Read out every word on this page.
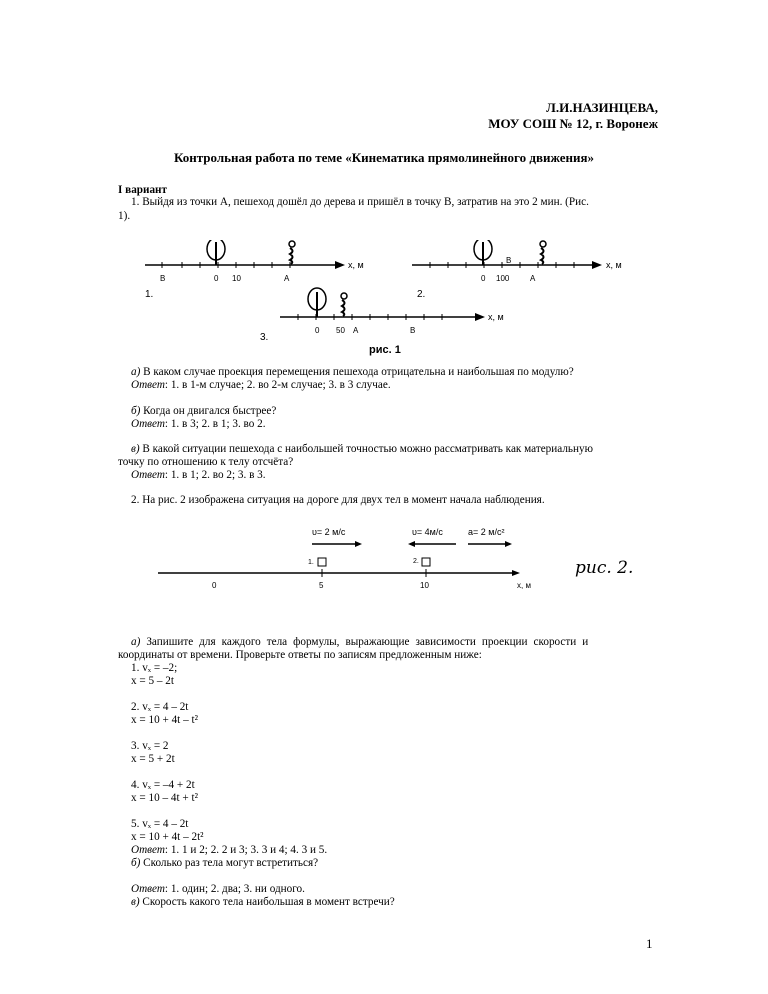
Л.И.НАЗИНЦЕВА,
МОУ СОШ № 12, г. Воронеж
Контрольная работа по теме «Кинематика прямолинейного движения»
I вариант
1. Выйдя из точки A, пешеход дошёл до дерева и пришёл в точку B, затратив на это 2 мин. (Рис.
1).
B	0 10	A
x, м
1.
0 100
B
A
x, м
2.
0 50 A	B
x, м
3.
рис. 1
а) В каком случае проекция перемещения пешехода отрицательна и наибольшая по модулю?
Ответ: 1. в 1-м случае; 2. во 2-м случае; 3. в 3 случае.
б) Когда он двигался быстрее?
Ответ: 1. в 3; 2. в 1; 3. во 2.
в) В какой ситуации пешехода с наибольшей точностью можно рассматривать как материальную
точку по отношению к телу отсчёта?
Ответ: 1. в 1; 2. во 2; 3. в 3.
2. На рис. 2 изображена ситуация на дороге для двух тел в момент начала наблюдения.
0	5	10	x, м
1.	2.
υ= 2 м/с	υ= 4м/с	a= 2 м/с²
рис. 2.
а) Запишите для каждого тела формулы, выражающие зависимости проекции скорости и
координаты от времени. Проверьте ответы по записям предложенным ниже:
1. vₓ = –2;
x = 5 – 2t
2. vₓ = 4 – 2t
x = 10 + 4t – t²
3. vₓ = 2
x = 5 + 2t
4. vₓ = –4 + 2t
x = 10 – 4t + t²
5. vₓ = 4 – 2t
x = 10 + 4t – 2t²
Ответ: 1. 1 и 2; 2. 2 и 3; 3. 3 и 4; 4. 3 и 5.
б) Сколько раз тела могут встретиться?
Ответ: 1. один; 2. два; 3. ни одного.
в) Скорость какого тела наибольшая в момент встречи?
1
